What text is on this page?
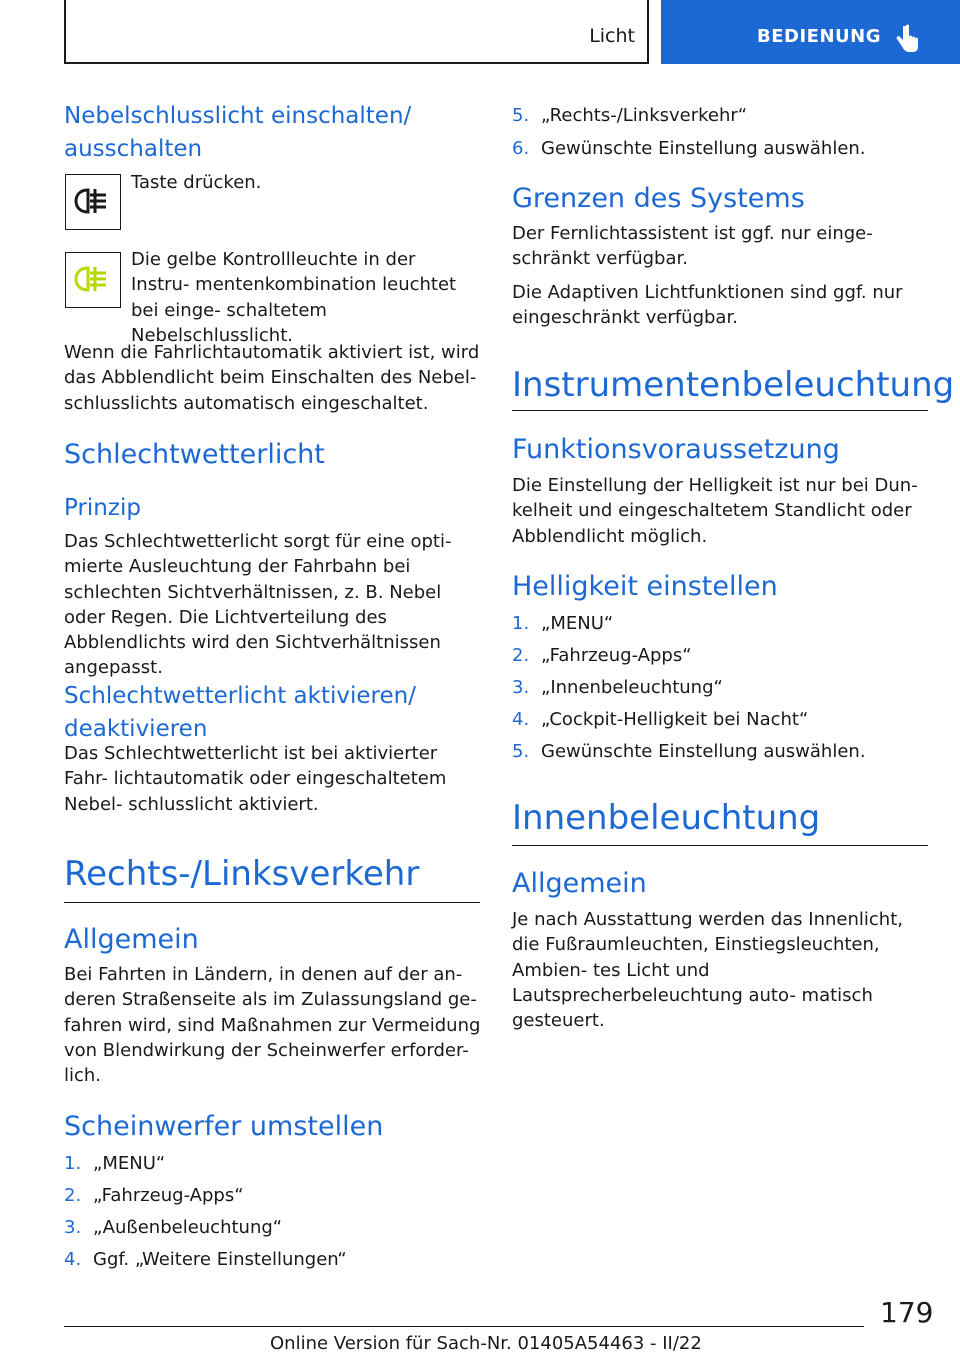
Licht	BEDIENUNG
Nebelschlusslicht einschalten/ ausschalten
Taste drücken.
Die gelbe Kontrollleuchte in der Instru- mentenkombination leuchtet bei einge- schaltetem Nebelschlusslicht.
Wenn die Fahrlichtautomatik aktiviert ist, wird das Abblendlicht beim Einschalten des Nebel- schlusslichts automatisch eingeschaltet.
Schlechtwetterlicht
Prinzip
Das Schlechtwetterlicht sorgt für eine opti- mierte Ausleuchtung der Fahrbahn bei schlechten Sichtverhältnissen, z. B. Nebel oder Regen. Die Lichtverteilung des Abblendlichts wird den Sichtverhältnissen angepasst.
Schlechtwetterlicht aktivieren/ deaktivieren
Das Schlechtwetterlicht ist bei aktivierter Fahr- lichtautomatik oder eingeschaltetem Nebel- schlusslicht aktiviert.
Rechts-/Linksverkehr
Allgemein
Bei Fahrten in Ländern, in denen auf der an- deren Straßenseite als im Zulassungsland ge- fahren wird, sind Maßnahmen zur Vermeidung von Blendwirkung der Scheinwerfer erforder- lich.
Scheinwerfer umstellen
1. „MENU“
2. „Fahrzeug-Apps“
3. „Außenbeleuchtung“
4. Ggf. „Weitere Einstellungen“
5. „Rechts-/Linksverkehr“
6. Gewünschte Einstellung auswählen.
Grenzen des Systems
Der Fernlichtassistent ist ggf. nur einge- schränkt verfügbar.
Die Adaptiven Lichtfunktionen sind ggf. nur eingeschränkt verfügbar.
Instrumentenbeleuchtung
Funktionsvoraussetzung
Die Einstellung der Helligkeit ist nur bei Dun- kelheit und eingeschaltetem Standlicht oder Abblendlicht möglich.
Helligkeit einstellen
1. „MENU“
2. „Fahrzeug-Apps“
3. „Innenbeleuchtung“
4. „Cockpit-Helligkeit bei Nacht“
5. Gewünschte Einstellung auswählen.
Innenbeleuchtung
Allgemein
Je nach Ausstattung werden das Innenlicht, die Fußraumleuchten, Einstiegsleuchten, Ambien- tes Licht und Lautsprecherbeleuchtung auto- matisch gesteuert.
179
Online Version für Sach-Nr. 01405A54463 - II/22
